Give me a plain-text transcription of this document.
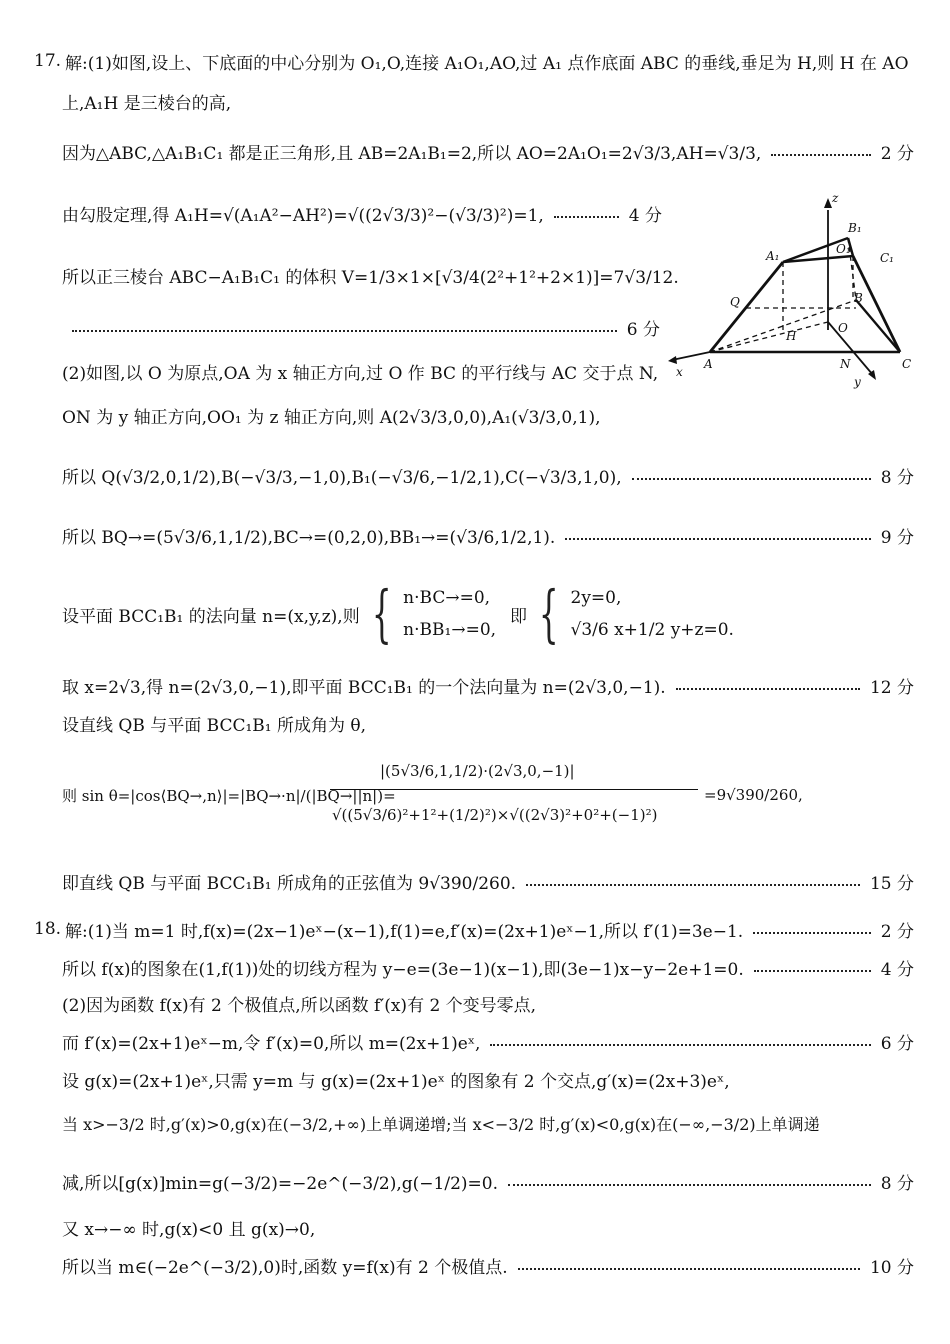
17. 解:(1)如图,设上、下底面的中心分别为 O₁,O,连接 A₁O₁,AO,过 A₁ 点作底面 ABC 的垂线,垂足为 H,则 H 在 AO
上,A₁H 是三棱台的高,
因为△ABC,△A₁B₁C₁ 都是正三角形,且 AB=2A₁B₁=2,所以 AO=2A₁O₁=2√3/3,AH=√3/3,	2 分
由勾股定理,得 A₁H=√(A₁A²−AH²)=√((2√3/3)²−(√3/3)²)=1,	4 分
所以正三棱台 ABC−A₁B₁C₁ 的体积 V=1/3×1×[√3/4(2²+1²+2×1)]=7√3/12.
6 分
z
B₁
O₁
A₁	C₁
Q	B
H
O
A	N	C
x
y
(2)如图,以 O 为原点,OA 为 x 轴正方向,过 O 作 BC 的平行线与 AC 交于点 N,
ON 为 y 轴正方向,OO₁ 为 z 轴正方向,则 A(2√3/3,0,0),A₁(√3/3,0,1),
所以 Q(√3/2,0,1/2),B(−√3/3,−1,0),B₁(−√3/6,−1/2,1),C(−√3/3,1,0),	8 分
所以 BQ→=(5√3/6,1,1/2),BC→=(0,2,0),BB₁→=(√3/6,1/2,1).	9 分
设平面 BCC₁B₁ 的法向量 n=(x,y,z),则 { n·BC→=0,
n·BB₁→=0,
即 { 2y=0,
√3/6 x+1/2 y+z=0.
取 x=2√3,得 n=(2√3,0,−1),即平面 BCC₁B₁ 的一个法向量为 n=(2√3,0,−1).	12 分
设直线 QB 与平面 BCC₁B₁ 所成角为 θ,
则 sin θ=|cos⟨BQ→,n⟩|=|BQ→·n|/(|BQ→||n|)=
|(5√3/6,1,1/2)·(2√3,0,−1)|
√((5√3/6)²+1²+(1/2)²)×√((2√3)²+0²+(−1)²)
=9√390/260,
即直线 QB 与平面 BCC₁B₁ 所成角的正弦值为 9√390/260.	15 分
18. 解:(1)当 m=1 时,f(x)=(2x−1)eˣ−(x−1),f(1)=e,f′(x)=(2x+1)eˣ−1,所以 f′(1)=3e−1.	2 分
所以 f(x)的图象在(1,f(1))处的切线方程为 y−e=(3e−1)(x−1),即(3e−1)x−y−2e+1=0.	4 分
(2)因为函数 f(x)有 2 个极值点,所以函数 f′(x)有 2 个变号零点,
而 f′(x)=(2x+1)eˣ−m,令 f′(x)=0,所以 m=(2x+1)eˣ,	6 分
设 g(x)=(2x+1)eˣ,只需 y=m 与 g(x)=(2x+1)eˣ 的图象有 2 个交点,g′(x)=(2x+3)eˣ,
当 x>−3/2 时,g′(x)>0,g(x)在(−3/2,+∞)上单调递增;当 x<−3/2 时,g′(x)<0,g(x)在(−∞,−3/2)上单调递
减,所以[g(x)]min=g(−3/2)=−2e^(−3/2),g(−1/2)=0.	8 分
又 x→−∞ 时,g(x)<0 且 g(x)→0,
所以当 m∈(−2e^(−3/2),0)时,函数 y=f(x)有 2 个极值点.	10 分
